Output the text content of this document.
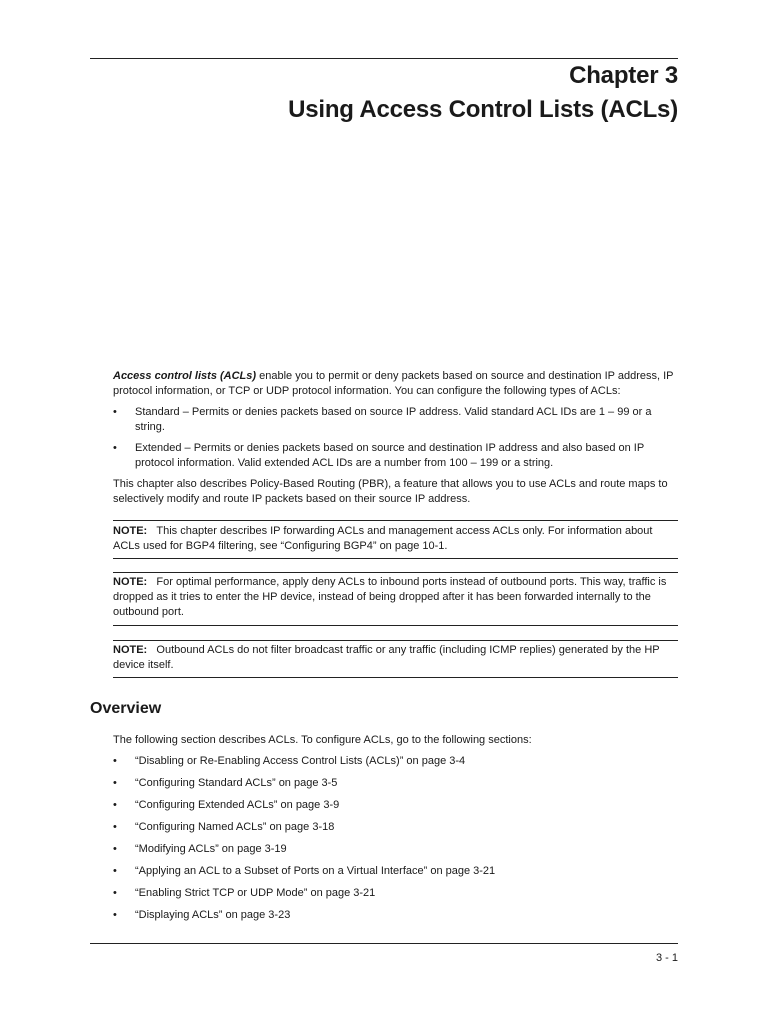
Chapter 3
Using Access Control Lists (ACLs)
Access control lists (ACLs) enable you to permit or deny packets based on source and destination IP address, IP protocol information, or TCP or UDP protocol information. You can configure the following types of ACLs:
• Standard – Permits or denies packets based on source IP address. Valid standard ACL IDs are 1 – 99 or a string.
• Extended – Permits or denies packets based on source and destination IP address and also based on IP protocol information. Valid extended ACL IDs are a number from 100 – 199 or a string.
This chapter also describes Policy-Based Routing (PBR), a feature that allows you to use ACLs and route maps to selectively modify and route IP packets based on their source IP address.
NOTE: This chapter describes IP forwarding ACLs and management access ACLs only. For information about ACLs used for BGP4 filtering, see “Configuring BGP4” on page 10-1.
NOTE: For optimal performance, apply deny ACLs to inbound ports instead of outbound ports. This way, traffic is dropped as it tries to enter the HP device, instead of being dropped after it has been forwarded internally to the outbound port.
NOTE: Outbound ACLs do not filter broadcast traffic or any traffic (including ICMP replies) generated by the HP device itself.
Overview
The following section describes ACLs. To configure ACLs, go to the following sections:
• “Disabling or Re-Enabling Access Control Lists (ACLs)” on page 3-4
• “Configuring Standard ACLs” on page 3-5
• “Configuring Extended ACLs” on page 3-9
• “Configuring Named ACLs” on page 3-18
• “Modifying ACLs” on page 3-19
• “Applying an ACL to a Subset of Ports on a Virtual Interface” on page 3-21
• “Enabling Strict TCP or UDP Mode” on page 3-21
• “Displaying ACLs” on page 3-23
3 - 1
